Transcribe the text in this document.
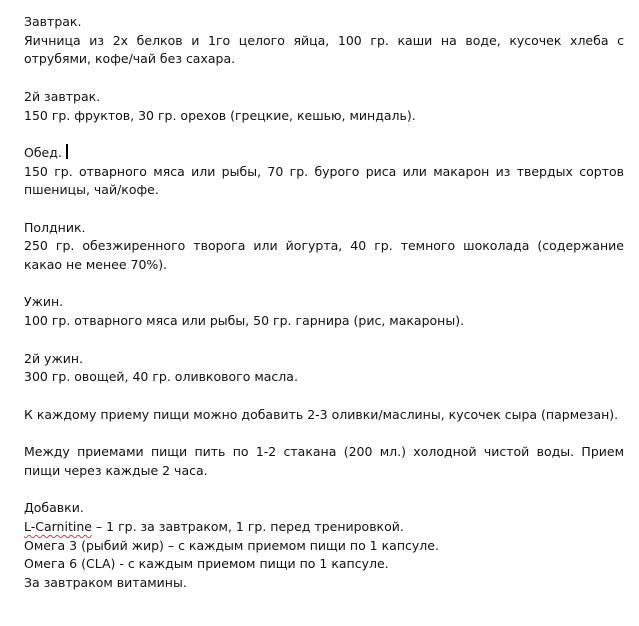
Завтрак.
Яичница из 2х белков и 1го целого яйца, 100 гр. каши на воде, кусочек хлеба с отрубями, кофе/чай без сахара.
2й завтрак.
150 гр. фруктов, 30 гр. орехов (грецкие, кешью, миндаль).
Обед.
150 гр. отварного мяса или рыбы, 70 гр. бурого риса или макарон из твердых сортов пшеницы, чай/кофе.
Полдник.
250 гр. обезжиренного творога или йогурта, 40 гр. темного шоколада (содержание какао не менее 70%).
Ужин.
100 гр. отварного мяса или рыбы, 50 гр. гарнира (рис, макароны).
2й ужин.
300 гр. овощей, 40 гр. оливкового масла.
К каждому приему пищи можно добавить 2-3 оливки/маслины, кусочек сыра (пармезан).
Между приемами пищи пить по 1-2 стакана (200 мл.) холодной чистой воды. Прием пищи через каждые 2 часа.
Добавки.
L-Carnitine – 1 гр. за завтраком, 1 гр. перед тренировкой.
Омега 3 (рыбий жир) – с каждым приемом пищи по 1 капсуле.
Омега 6 (CLA) - с каждым приемом пищи по 1 капсуле.
За завтраком витамины.
